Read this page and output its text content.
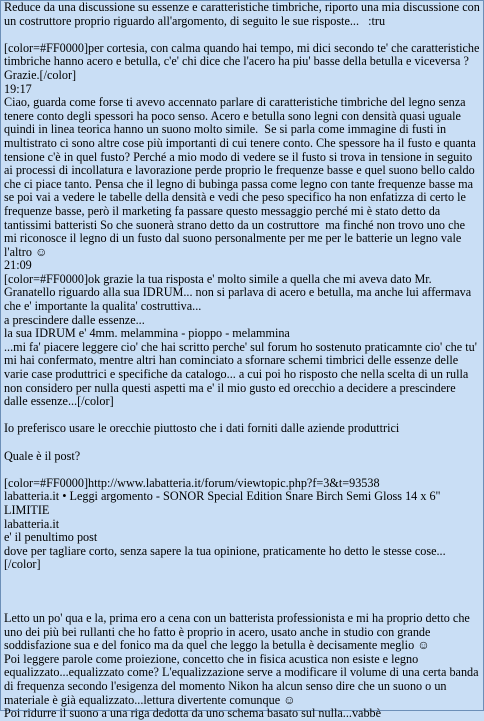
Reduce da una discussione su essenze e caratteristiche timbriche, riporto una mia discussione con un costruttore proprio riguardo all'argomento, di seguito le sue risposte...   :tru

[color=#FF0000]per cortesia, con calma quando hai tempo, mi dici secondo te' che caratteristiche timbriche hanno acero e betulla, c'e' chi dice che l'acero ha piu' basse della betulla e viceversa ? Grazie.[/color]

19:17

Ciao, guarda come forse ti avevo accennato parlare di caratteristiche timbriche del legno senza tenere conto degli spessori ha poco senso. Acero e betulla sono legni con densità quasi uguale quindi in linea teorica hanno un suono molto simile.  Se si parla come immagine di fusti in multistrato ci sono altre cose più importanti di cui tenere conto. Che spessore ha il fusto e quanta tensione c'è in quel fusto? Perché a mio modo di vedere se il fusto si trova in tensione in seguito ai processi di incollatura e lavorazione perde proprio le frequenze basse e quel suono bello caldo che ci piace tanto. Pensa che il legno di bubinga passa come legno con tante frequenze basse ma se poi vai a vedere le tabelle della densità e vedi che peso specifico ha non enfatizza di certo le frequenze basse, però il marketing fa passare questo messaggio perché mi è stato detto da tantissimi batteristi So che suonerà strano detto da un costruttore  ma finché non trovo uno che mi riconosce il legno di un fusto dal suono personalmente per me per le batterie un legno vale l'altro ☺

21:09

[color=#FF0000]ok grazie la tua risposta e' molto simile a quella che mi aveva dato Mr. Granatello riguardo alla sua IDRUM... non si parlava di acero e betulla, ma anche lui affermava che e' importante la qualita' costruttiva...

a prescindere dalle essenze...

la sua IDRUM e' 4mm. melammina - pioppo - melammina

...mi fa' piacere leggere cio' che hai scritto perche' sul forum ho sostenuto praticamnte cio' che tu' mi hai confermato, mentre altri han cominciato a sfornare schemi timbrici delle essenze delle varie case produttrici e specifiche da catalogo... a cui poi ho risposto che nella scelta di un rulla non considero per nulla questi aspetti ma e' il mio gusto ed orecchio a decidere a prescindere dalle essenze...[/color]

Io preferisco usare le orecchie piuttosto che i dati forniti dalle aziende produttrici

Quale è il post?

[color=#FF0000]http://www.labatteria.it/forum/viewtopic.php?f=3&t=93538

labatteria.it • Leggi argomento - SONOR Special Edition Snare Birch Semi Gloss 14 x 6" LIMITIE

labatteria.it

e' il penultimo post

dove per tagliare corto, senza sapere la tua opinione, praticamente ho detto le stesse cose...

[/color]

Letto un po' qua e la, prima ero a cena con un batterista professionista e mi ha proprio detto che uno dei più bei rullanti che ho fatto è proprio in acero, usato anche in studio con grande soddisfazione sua e del fonico ma da quel che leggo la betulla è decisamente meglio ☺

Poi leggere parole come proiezione, concetto che in fisica acustica non esiste e legno equalizzato...equalizzato come? L'equalizzazione serve a modificare il volume di una certa banda di frequenza secondo l'esigenza del momento Nikon ha alcun senso dire che un suono o un materiale è già equalizzato...lettura divertente comunque ☺

Poi ridurre il suono a una riga dedotta da uno schema basato sul nulla...vabbè
